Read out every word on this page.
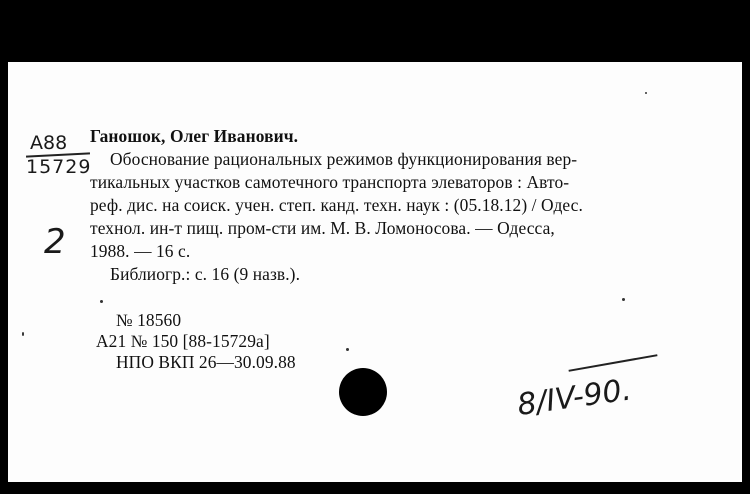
А88
15729
2
Ганошок, Олег Иванович.
Обоснование рациональных режимов функционирования вер-
тикальных участков самотечного транспорта элеваторов : Авто-
реф. дис. на соиск. учен. степ. канд. техн. наук : (05.18.12) / Одес.
технол. ин-т пищ. пром-сти им. М. В. Ломоносова. — Одесса,
1988. — 16 с.
Библиогр.: с. 16 (9 назв.).
№ 18560
А21 № 150 [88-15729а]
НПО ВКП 26—30.09.88
8/IV-90.
